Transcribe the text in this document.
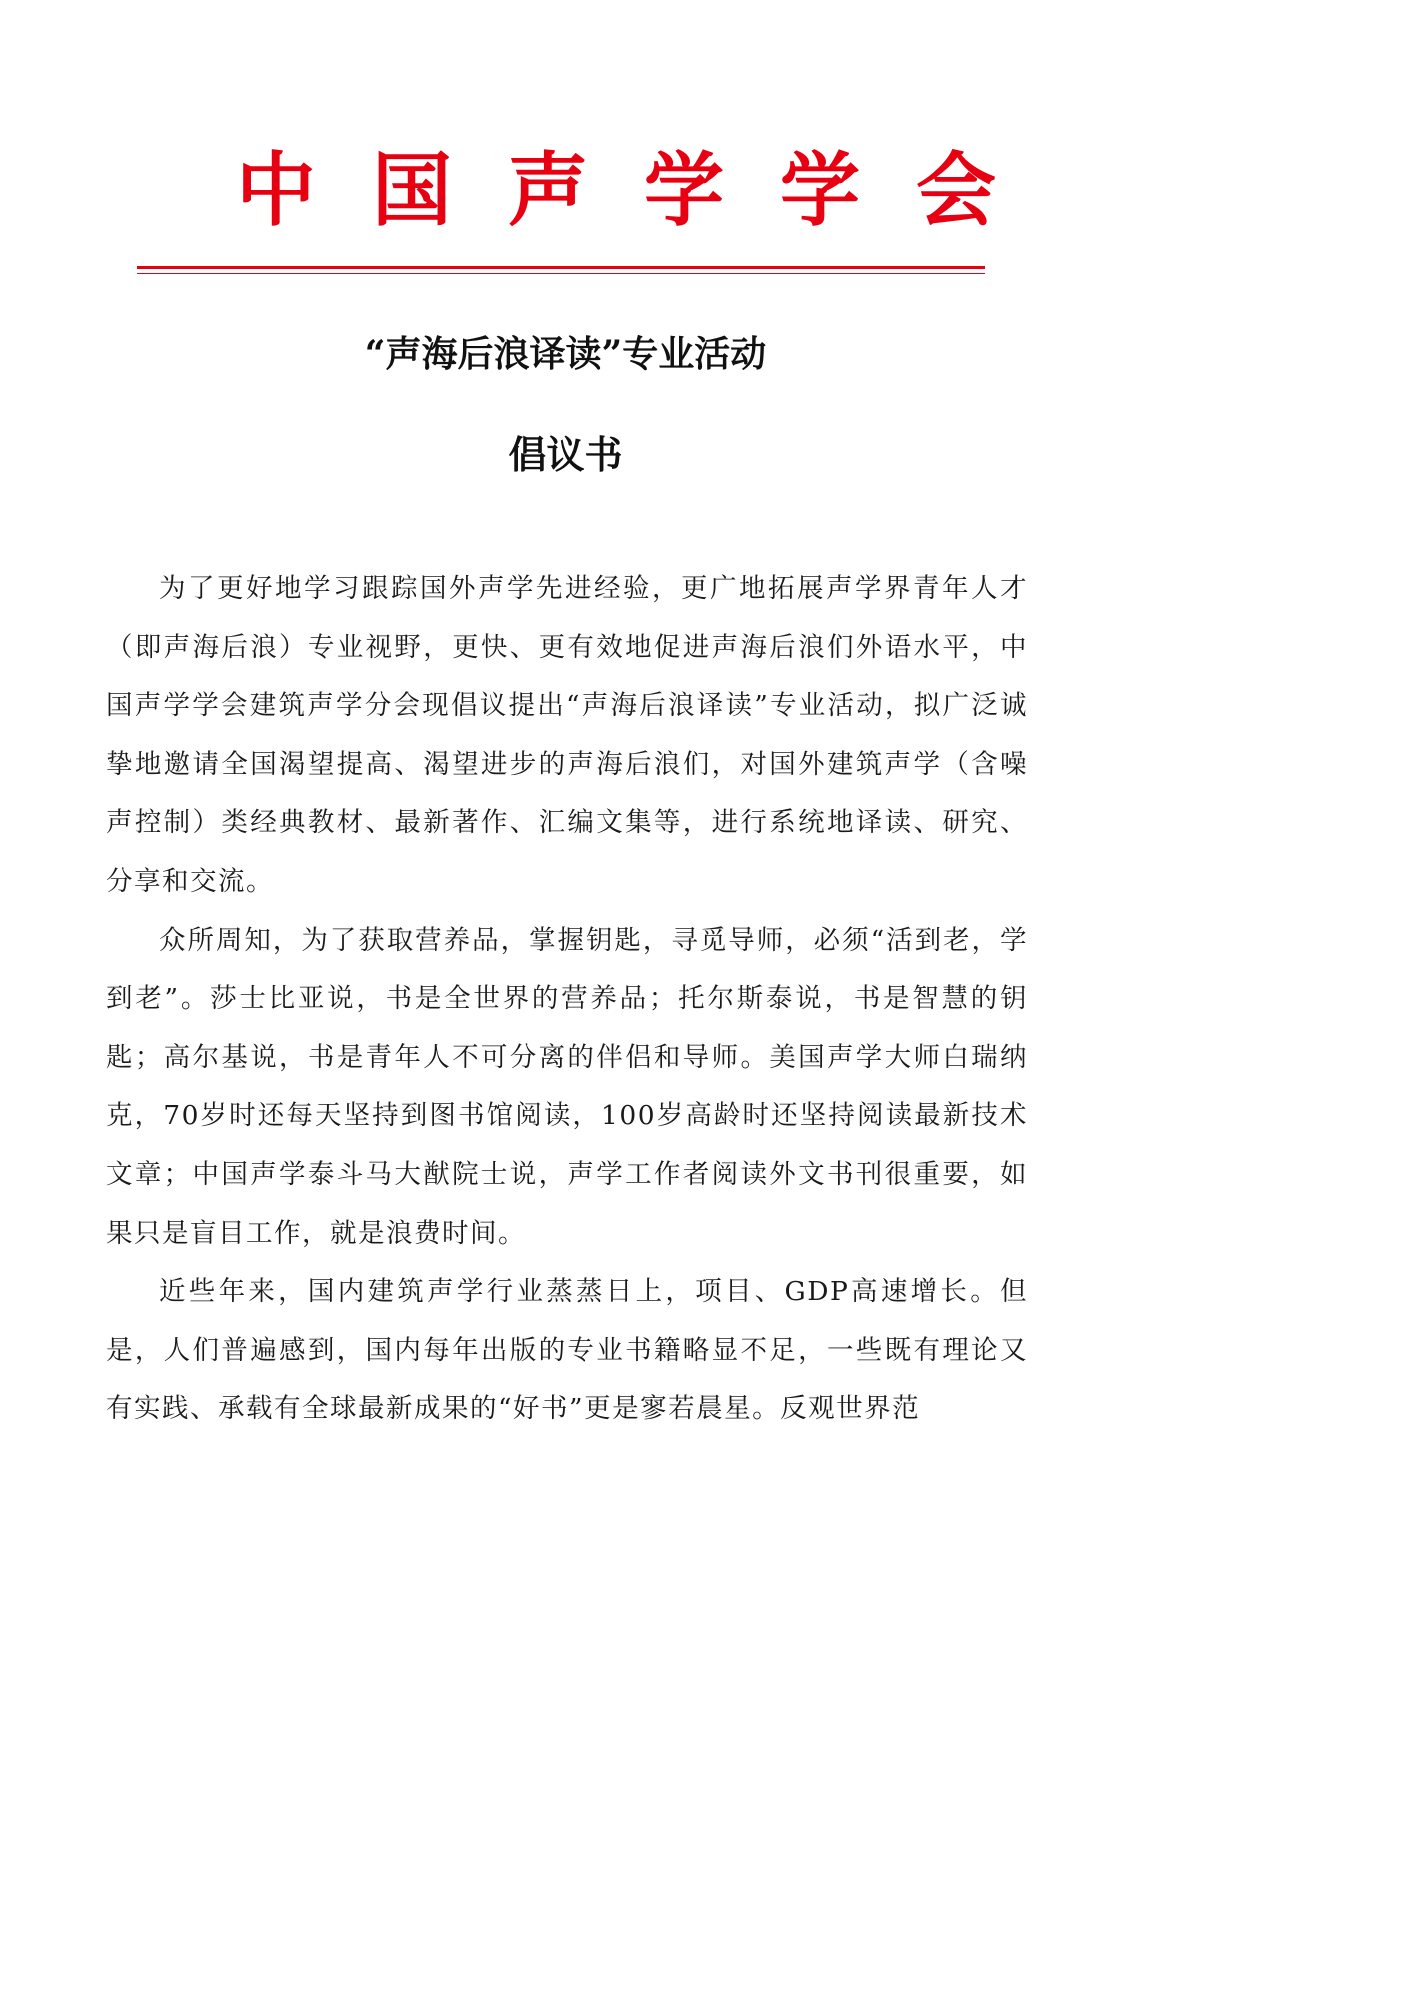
中 国 声 学 学 会
“声海后浪译读”专业活动
倡议书

为了更好地学习跟踪国外声学先进经验，更广地拓展声学界青年人才（即声海后浪）专业视野，更快、更有效地促进声海后浪们外语水平，中国声学学会建筑声学分会现倡议提出“声海后浪译读”专业活动，拟广泛诚挚地邀请全国渴望提高、渴望进步的声海后浪们，对国外建筑声学（含噪声控制）类经典教材、最新著作、汇编文集等，进行系统地译读、研究、分享和交流。

众所周知，为了获取营养品，掌握钥匙，寻觅导师，必须“活到老，学到老”。莎士比亚说，书是全世界的营养品；托尔斯泰说，书是智慧的钥匙；高尔基说，书是青年人不可分离的伴侣和导师。美国声学大师白瑞纳克，70岁时还每天坚持到图书馆阅读，100岁高龄时还坚持阅读最新技术文章；中国声学泰斗马大猷院士说，声学工作者阅读外文书刊很重要，如果只是盲目工作，就是浪费时间。

近些年来，国内建筑声学行业蒸蒸日上，项目、GDP高速增长。但是，人们普遍感到，国内每年出版的专业书籍略显不足，一些既有理论又有实践、承载有全球最新成果的“好书”更是寥若晨星。反观世界范
